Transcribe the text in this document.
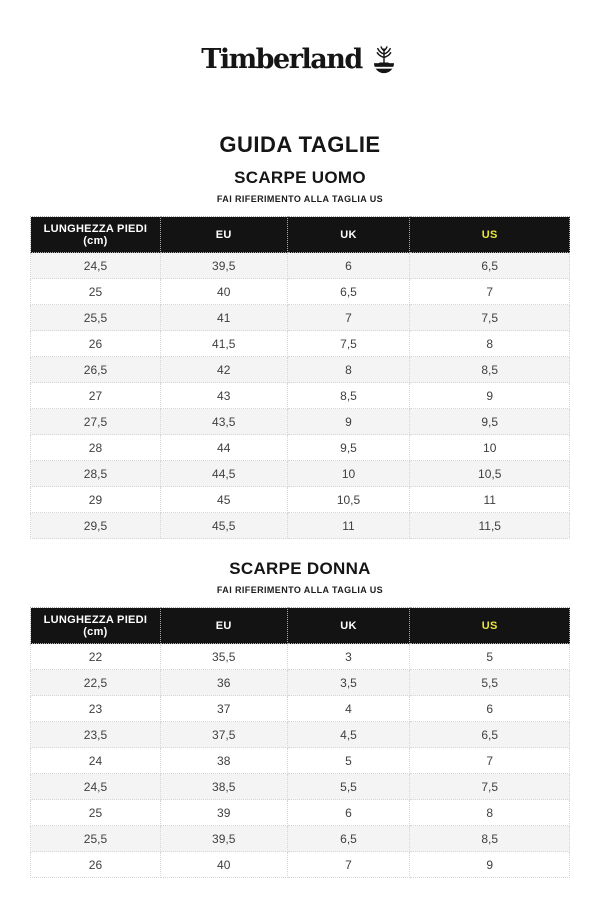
Timberland
GUIDA TAGLIE
SCARPE UOMO
FAI RIFERIMENTO ALLA TAGLIA US
LUNGHEZZA PIEDI
(cm)	EU	UK	US
24,5	39,5	6	6,5
25	40	6,5	7
25,5	41	7	7,5
26	41,5	7,5	8
26,5	42	8	8,5
27	43	8,5	9
27,5	43,5	9	9,5
28	44	9,5	10
28,5	44,5	10	10,5
29	45	10,5	11
29,5	45,5	11	11,5
SCARPE DONNA
FAI RIFERIMENTO ALLA TAGLIA US
LUNGHEZZA PIEDI
(cm)	EU	UK	US
22	35,5	3	5
22,5	36	3,5	5,5
23	37	4	6
23,5	37,5	4,5	6,5
24	38	5	7
24,5	38,5	5,5	7,5
25	39	6	8
25,5	39,5	6,5	8,5
26	40	7	9
